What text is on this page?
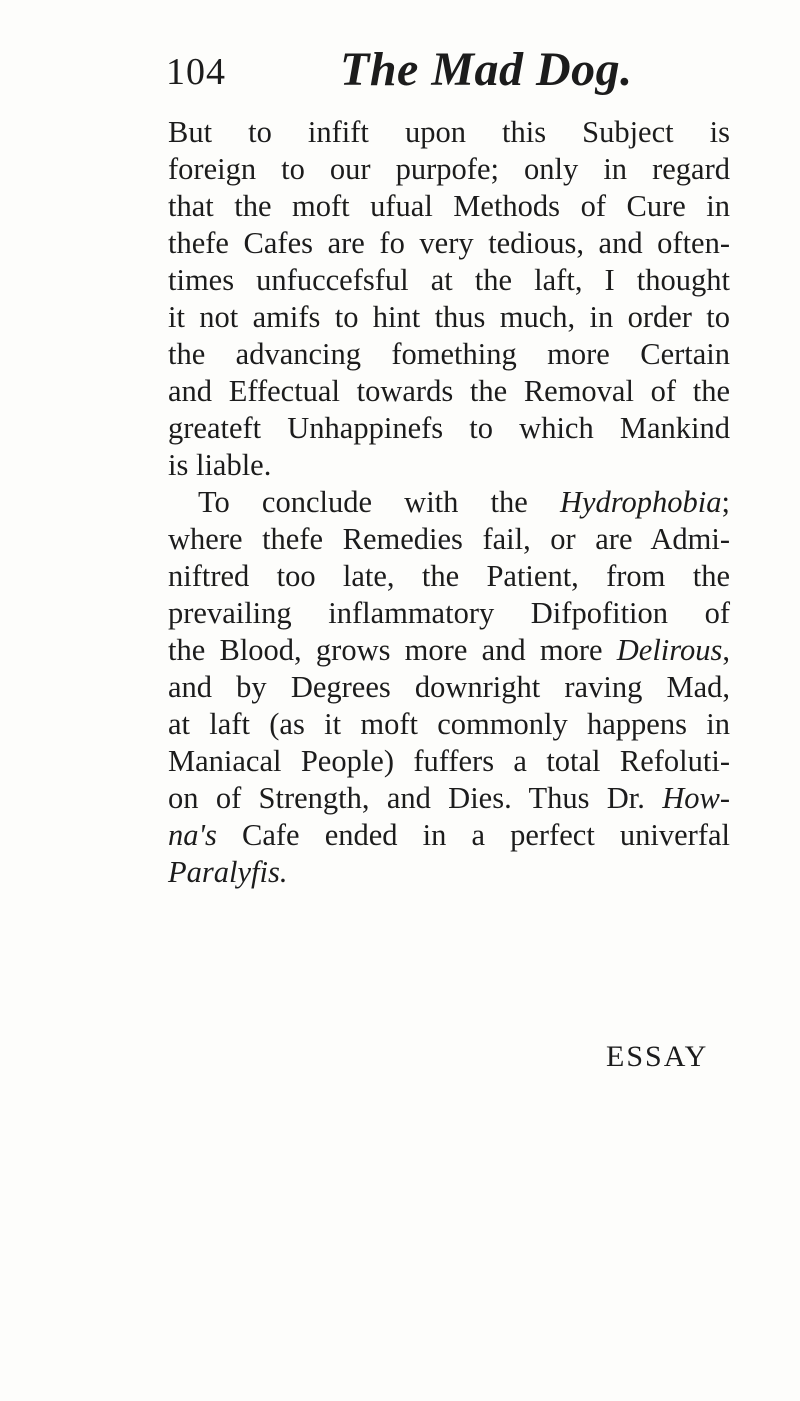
104 The Mad Dog.
But to infift upon this Subject is
foreign to our purpofe; only in regard
that the moft ufual Methods of Cure in
thefe Cafes are fo very tedious, and often-
times unfuccefsful at the laft, I thought
it not amifs to hint thus much, in order to
the advancing fomething more Certain
and Effectual towards the Removal of the
greateft Unhappinefs to which Mankind
is liable.
To conclude with the Hydrophobia;
where thefe Remedies fail, or are Admi-
niftred too late, the Patient, from the
prevailing inflammatory Difpofition of
the Blood, grows more and more Delirous,
and by Degrees downright raving Mad,
at laft (as it moft commonly happens in
Maniacal People) fuffers a total Refoluti-
on of Strength, and Dies. Thus Dr. How-
na's Cafe ended in a perfect univerfal
Paralyfis.
ESSAY
